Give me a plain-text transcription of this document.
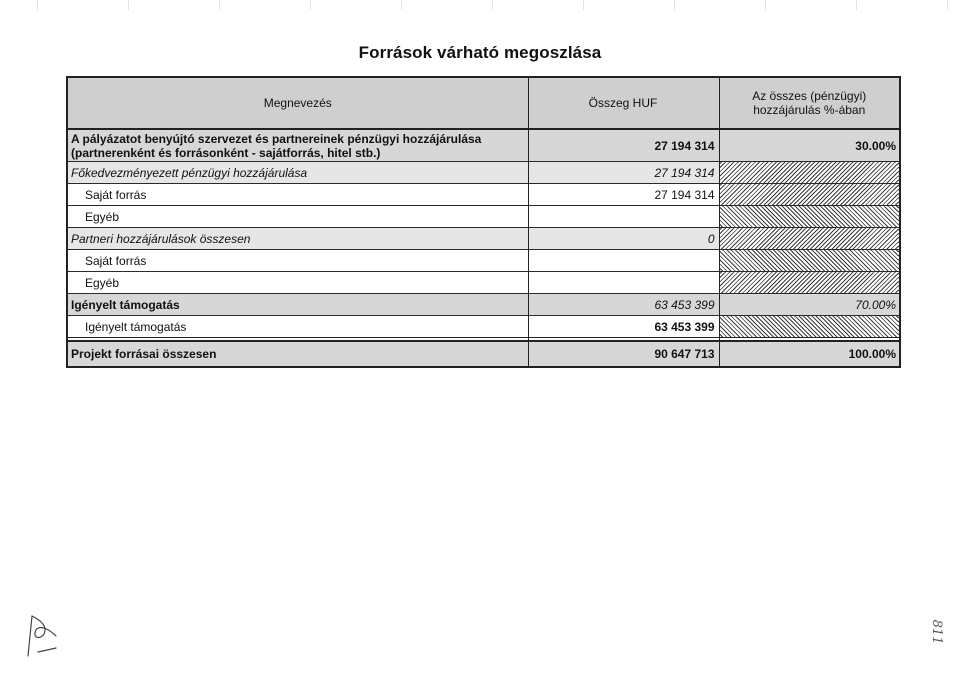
Források várható megoszlása
Megnevezés	Összeg HUF	Az összes (pénzügyi)
hozzájárulás %-ában
A pályázatot benyújtó szervezet és partnereinek pénzügyi hozzájárulása
(partnerenként és forrásonként - sajátforrás, hitel stb.)	27 194 314	30.00%
Főkedvezményezett pénzügyi hozzájárulása	27 194 314	
Saját forrás	27 194 314	
Egyéb		
Partneri hozzájárulások összesen	0	
Saját forrás		
Egyéb		
Igényelt támogatás	63 453 399	70.00%
Igényelt támogatás	63 453 399	

Projekt forrásai összesen	90 647 713	100.00%
811
